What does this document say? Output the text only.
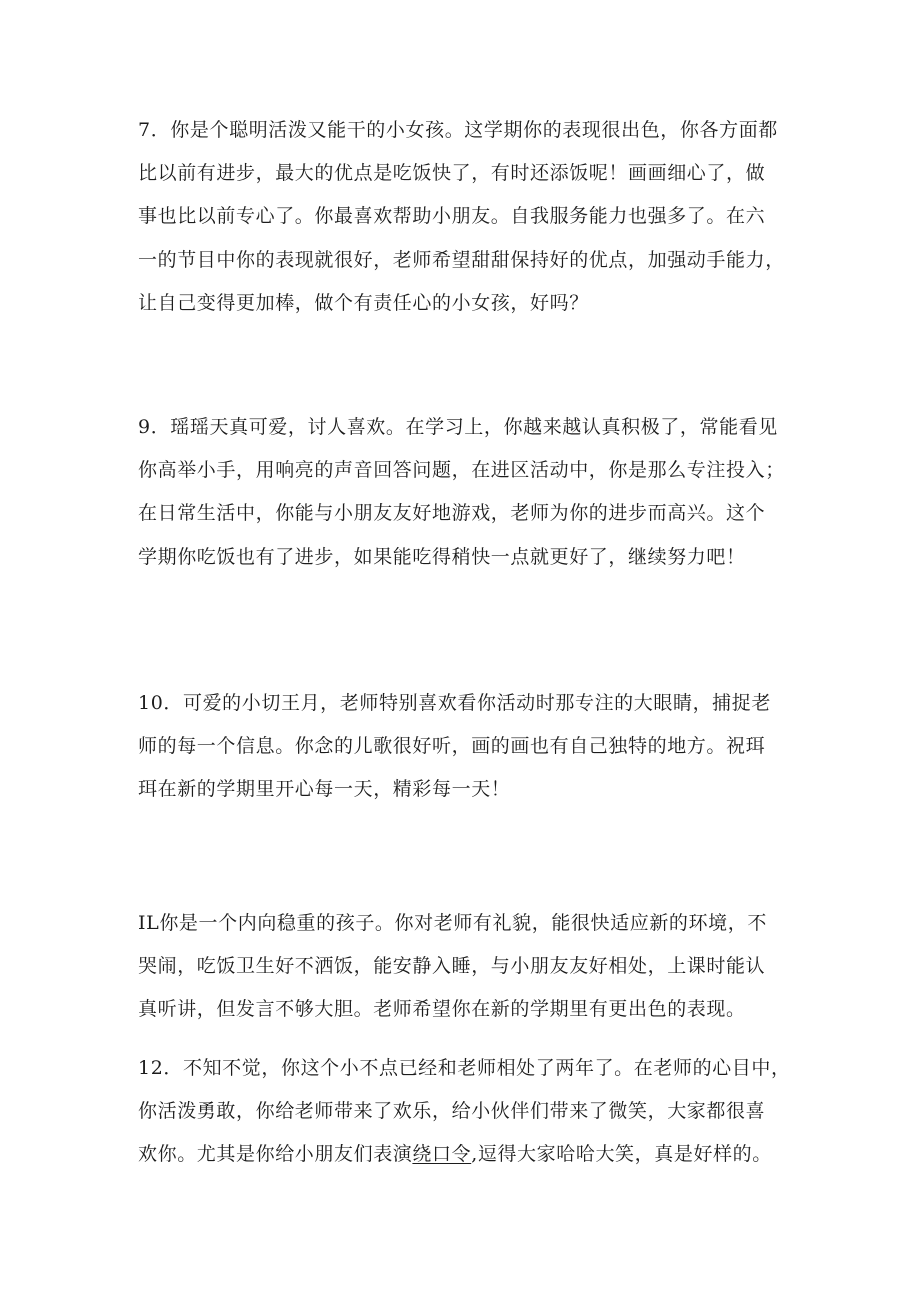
7．你是个聪明活泼又能干的小女孩。这学期你的表现很出色，你各方面都
比以前有进步，最大的优点是吃饭快了，有时还添饭呢！画画细心了，做
事也比以前专心了。你最喜欢帮助小朋友。自我服务能力也强多了。在六
一的节目中你的表现就很好，老师希望甜甜保持好的优点，加强动手能力，
让自己变得更加棒，做个有责任心的小女孩，好吗？
9．瑶瑶天真可爱，讨人喜欢。在学习上，你越来越认真积极了，常能看见
你高举小手，用响亮的声音回答问题，在进区活动中，你是那么专注投入；
在日常生活中，你能与小朋友友好地游戏，老师为你的进步而高兴。这个
学期你吃饭也有了进步，如果能吃得稍快一点就更好了，继续努力吧！
10．可爱的小切王月，老师特别喜欢看你活动时那专注的大眼睛，捕捉老
师的每一个信息。你念的儿歌很好听，画的画也有自己独特的地方。祝珥
珥在新的学期里开心每一天，精彩每一天！
IL你是一个内向稳重的孩子。你对老师有礼貌，能很快适应新的环境，不
哭闹，吃饭卫生好不洒饭，能安静入睡，与小朋友友好相处，上课时能认
真听讲，但发言不够大胆。老师希望你在新的学期里有更出色的表现。
12．不知不觉，你这个小不点已经和老师相处了两年了。在老师的心目中，
你活泼勇敢，你给老师带来了欢乐，给小伙伴们带来了微笑，大家都很喜
欢你。尤其是你给小朋友们表演绕口令,逗得大家哈哈大笑，真是好样的。
